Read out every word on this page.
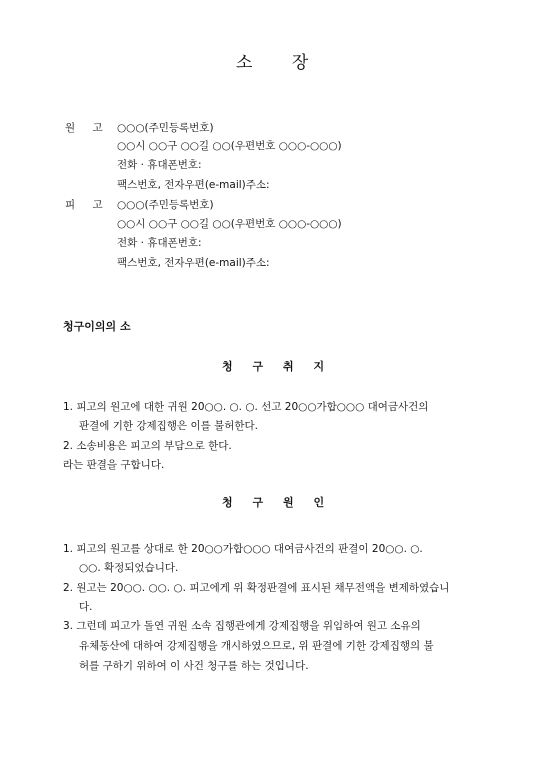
소 장
원 고 ○○○(주민등록번호)
○○시 ○○구 ○○길 ○○(우편번호 ○○○-○○○)
전화 · 휴대폰번호:
팩스번호, 전자우편(e-mail)주소:
피 고 ○○○(주민등록번호)
○○시 ○○구 ○○길 ○○(우편번호 ○○○-○○○)
전화 · 휴대폰번호:
팩스번호, 전자우편(e-mail)주소:
청구이의의 소
청 구 취 지
1. 피고의 원고에 대한 귀원 20○○. ○. ○. 선고 20○○가합○○○ 대여금사건의
판결에 기한 강제집행은 이를 불허한다.
2. 소송비용은 피고의 부담으로 한다.
라는 판결을 구합니다.
청 구 원 인
1. 피고의 원고를 상대로 한 20○○가합○○○ 대여금사건의 판결이 20○○. ○.
○○. 확정되었습니다.
2. 원고는 20○○. ○○. ○. 피고에게 위 확정판결에 표시된 채무전액을 변제하였습니
다.
3. 그런데 피고가 돌연 귀원 소속 집행관에게 강제집행을 위임하여 원고 소유의
유체동산에 대하여 강제집행을 개시하였으므로, 위 판결에 기한 강제집행의 불
허를 구하기 위하여 이 사건 청구를 하는 것입니다.
